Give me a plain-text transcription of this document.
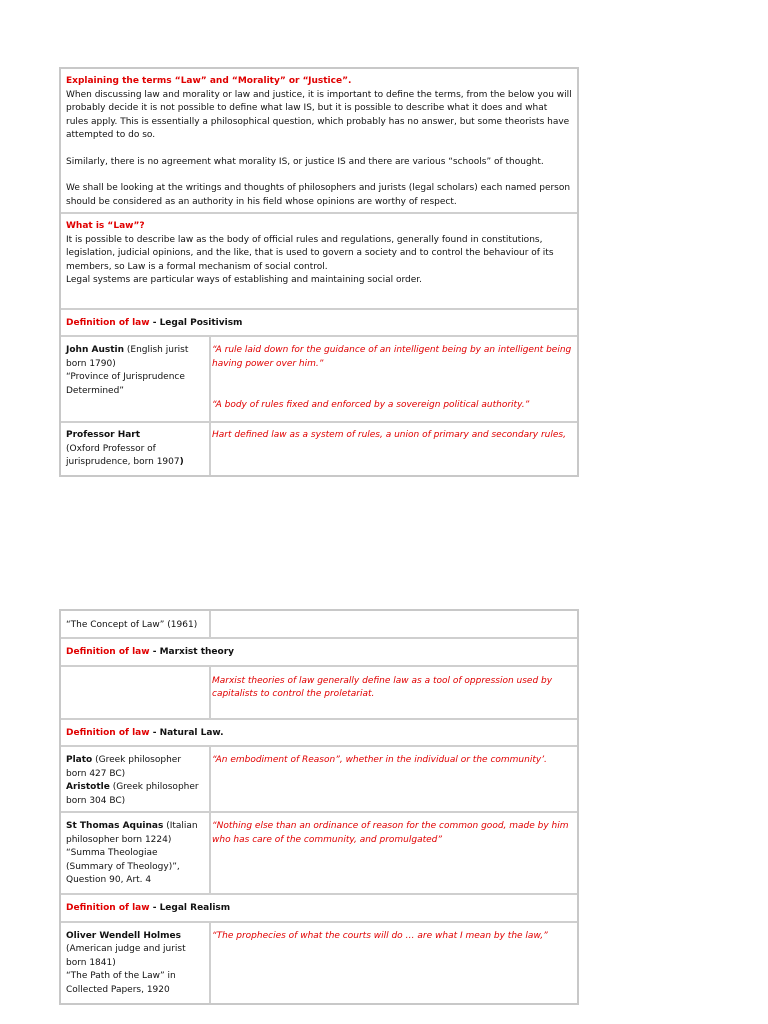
Explaining the terms “Law” and “Morality” or “Justice”.

When discussing law and morality or law and justice, it is important to define the terms, from the below you will probably decide it is not possible to define what law IS, but it is possible to describe what it does and what rules apply. This is essentially a philosophical question, which probably has no answer, but some theorists have attempted to do so.

Similarly, there is no agreement what morality IS, or justice IS and there are various “schools” of thought.

We shall be looking at the writings and thoughts of philosophers and jurists (legal scholars) each named person should be considered as an authority in his field whose opinions are worthy of respect.

What is “Law”?

It is possible to describe law as the body of official rules and regulations, generally found in constitutions, legislation, judicial opinions, and the like, that is used to govern a society and to control the behaviour of its members, so Law is a formal mechanism of social control.

Legal systems are particular ways of establishing and maintaining social order.

Definition of law - Legal Positivism
John Austin (English jurist born 1790)
“Province of Jurisprudence Determined”
“A rule laid down for the guidance of an intelligent being by an intelligent being having power over him.”
“A body of rules fixed and enforced by a sovereign political authority.”
Professor Hart
(Oxford Professor of jurisprudence, born 1907)
Hart defined law as a system of rules, a union of primary and secondary rules,
“The Concept of Law” (1961)
Definition of law - Marxist theory
Marxist theories of law generally define law as a tool of oppression used by capitalists to control the proletariat.
Definition of law - Natural Law.
Plato (Greek philosopher born 427 BC)
Aristotle (Greek philosopher born 304 BC)
“An embodiment of Reason”, whether in the individual or the community’.
St Thomas Aquinas (Italian philosopher born 1224)
“Summa Theologiae (Summary of Theology)”, Question 90, Art. 4
“Nothing else than an ordinance of reason for the common good, made by him who has care of the community, and promulgated”
Definition of law - Legal Realism
Oliver Wendell Holmes (American judge and jurist born 1841)
“The Path of the Law” in Collected Papers, 1920
“The prophecies of what the courts will do … are what I mean by the law,”
